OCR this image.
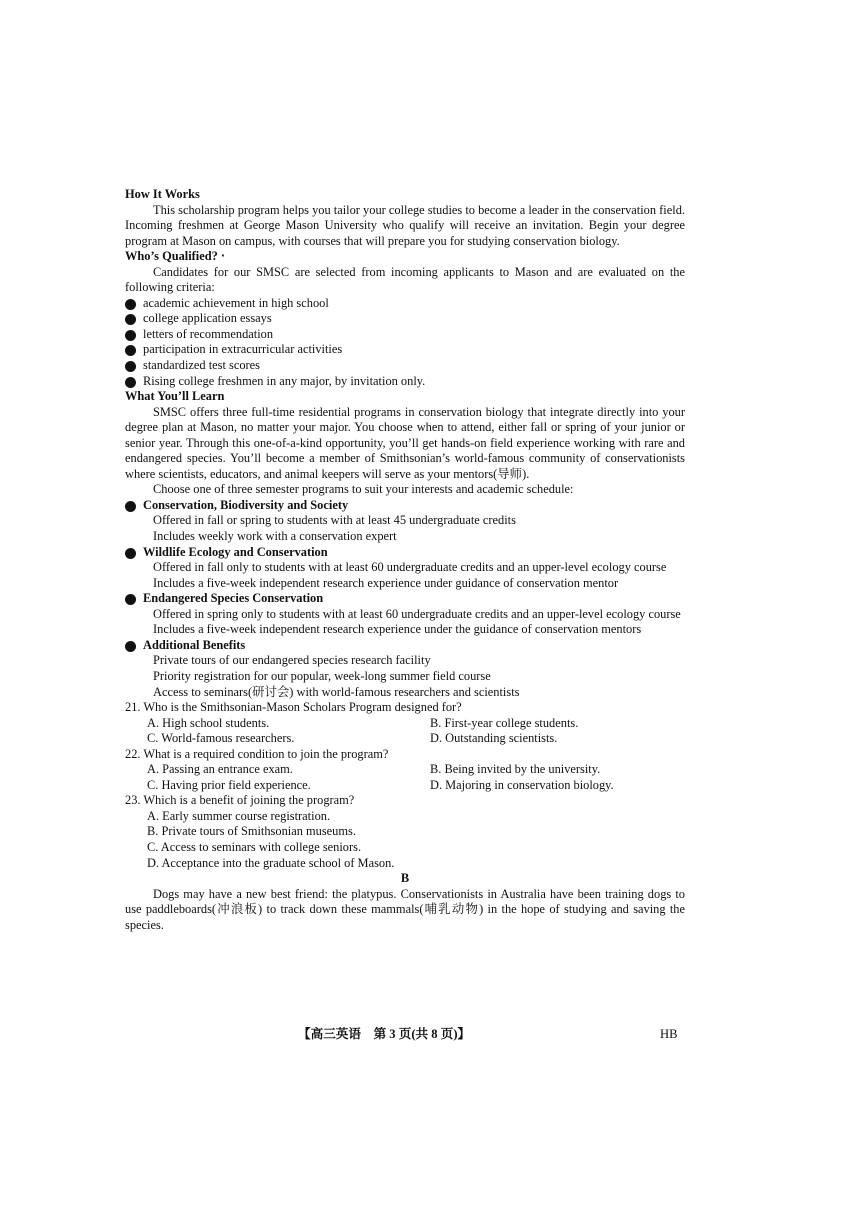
How It Works
This scholarship program helps you tailor your college studies to become a leader in the conservation field. Incoming freshmen at George Mason University who qualify will receive an invitation. Begin your degree program at Mason on campus, with courses that will prepare you for studying conservation biology.
Who’s Qualified? ‧
Candidates for our SMSC are selected from incoming applicants to Mason and are evaluated on the following criteria:
academic achievement in high school
college application essays
letters of recommendation
participation in extracurricular activities
standardized test scores
Rising college freshmen in any major, by invitation only.
What You’ll Learn
SMSC offers three full-time residential programs in conservation biology that integrate directly into your degree plan at Mason, no matter your major. You choose when to attend, either fall or spring of your junior or senior year. Through this one-of-a-kind opportunity, you’ll get hands-on field experience working with rare and endangered species. You’ll become a member of Smithsonian’s world-famous community of conservationists where scientists, educators, and animal keepers will serve as your mentors(导师).
Choose one of three semester programs to suit your interests and academic schedule:
Conservation, Biodiversity and Society
Offered in fall or spring to students with at least 45 undergraduate credits
Includes weekly work with a conservation expert
Wildlife Ecology and Conservation
Offered in fall only to students with at least 60 undergraduate credits and an upper-level ecology course
Includes a five-week independent research experience under guidance of conservation mentor
Endangered Species Conservation
Offered in spring only to students with at least 60 undergraduate credits and an upper-level ecology course
Includes a five-week independent research experience under the guidance of conservation mentors
Additional Benefits
Private tours of our endangered species research facility
Priority registration for our popular, week-long summer field course
Access to seminars(研讨会) with world-famous researchers and scientists
21. Who is the Smithsonian-Mason Scholars Program designed for?
A. High school students.	B. First-year college students.
C. World-famous researchers.	D. Outstanding scientists.
22. What is a required condition to join the program?
A. Passing an entrance exam.	B. Being invited by the university.
C. Having prior field experience.	D. Majoring in conservation biology.
23. Which is a benefit of joining the program?
A. Early summer course registration.
B. Private tours of Smithsonian museums.
C. Access to seminars with college seniors.
D. Acceptance into the graduate school of Mason.
B
Dogs may have a new best friend: the platypus. Conservationists in Australia have been training dogs to use paddleboards(冲浪板) to track down these mammals(哺乳动物) in the hope of studying and saving the species.
【高三英语　第 3 页(共 8 页)】	HB
